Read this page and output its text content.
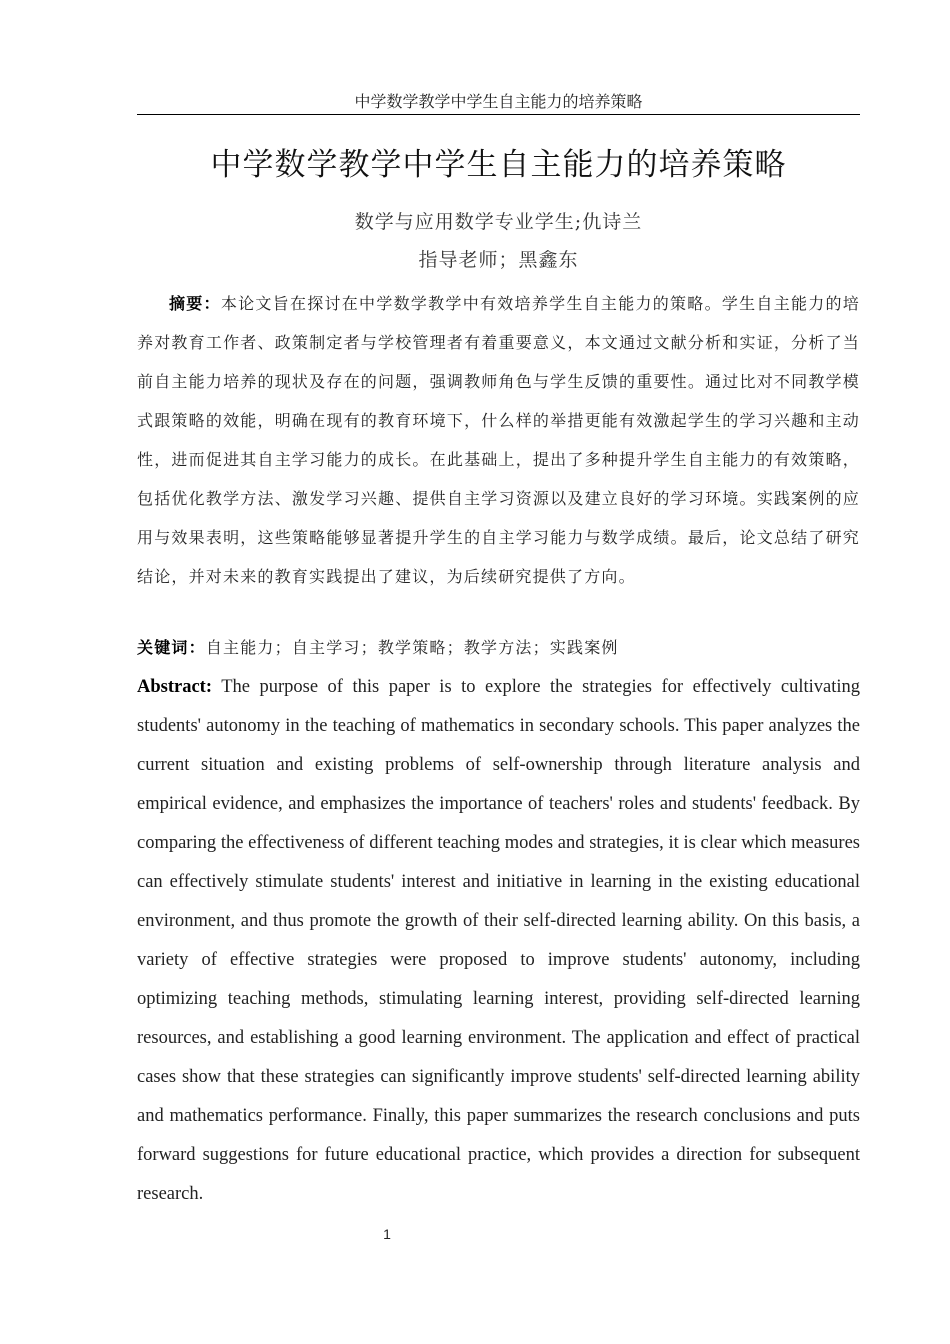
中学数学教学中学生自主能力的培养策略
中学数学教学中学生自主能力的培养策略
数学与应用数学专业学生;仇诗兰
指导老师；黑鑫东
摘要：本论文旨在探讨在中学数学教学中有效培养学生自主能力的策略。学生自主能力的培养对教育工作者、政策制定者与学校管理者有着重要意义，本文通过文献分析和实证，分析了当前自主能力培养的现状及存在的问题，强调教师角色与学生反馈的重要性。通过比对不同教学模式跟策略的效能，明确在现有的教育环境下，什么样的举措更能有效激起学生的学习兴趣和主动性，进而促进其自主学习能力的成长。在此基础上，提出了多种提升学生自主能力的有效策略，包括优化教学方法、激发学习兴趣、提供自主学习资源以及建立良好的学习环境。实践案例的应用与效果表明，这些策略能够显著提升学生的自主学习能力与数学成绩。最后，论文总结了研究结论，并对未来的教育实践提出了建议，为后续研究提供了方向。
关键词：自主能力；自主学习；教学策略；教学方法；实践案例
Abstract: The purpose of this paper is to explore the strategies for effectively cultivating students' autonomy in the teaching of mathematics in secondary schools. This paper analyzes the current situation and existing problems of self-ownership through literature analysis and empirical evidence, and emphasizes the importance of teachers' roles and students' feedback. By comparing the effectiveness of different teaching modes and strategies, it is clear which measures can effectively stimulate students' interest and initiative in learning in the existing educational environment, and thus promote the growth of their self-directed learning ability. On this basis, a variety of effective strategies were proposed to improve students' autonomy, including optimizing teaching methods, stimulating learning interest, providing self-directed learning resources, and establishing a good learning environment. The application and effect of practical cases show that these strategies can significantly improve students' self-directed learning ability and mathematics performance. Finally, this paper summarizes the research conclusions and puts forward suggestions for future educational practice, which provides a direction for subsequent research.
1
